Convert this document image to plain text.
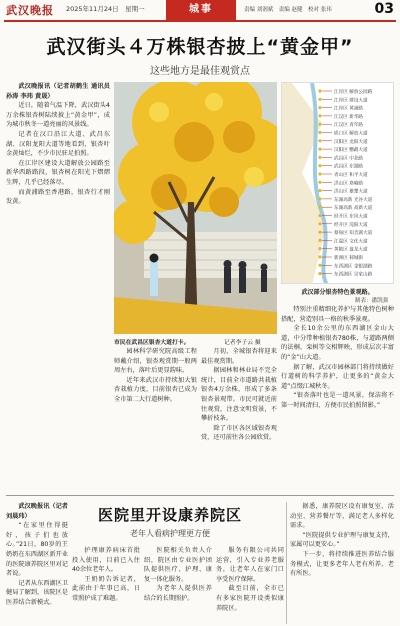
武汉晚报 2025年11月24日　星期一	城事	责编 刘润斌　责编 赵健　校对 张玮	03
武汉街头４万株银杏披上“黄金甲”
这些地方是最佳观赏点

武汉晚报讯（记者胡鹤生 通讯员孙涛 李玮 黄晟）

近日，随着气温下降，武汉街头4万余株银杏树陆续披上“黄金甲”，成为城市秋冬一道亮丽的风景线。

记者在汉口沿江大道、武昌东湖、汉阳龙阳大道等地看到，银杏叶金黄灿烂，不少市民驻足拍照。

在江岸区建设大道解放公园路至新华西路路段，银杏树在阳光下熠熠生辉，几乎已经落尽。

而黄浦路至香港路，银杏行才刚发黄。

市民在武昌区银杏大道打卡。	记者李子云 摄
江岸区 解放公园路
江岸区 建设大道
江岸区 黄浦路
江汉区 新华路
江汉区 青年路
硚口区 解放大道
汉阳区 龙阳大道
汉阳区 鹦鹉大道
武昌区 中北路
武昌区 东湖路
青山区 和平大道
洪山区 珞喻路
洪山区 雄楚大道
东湖高新 光谷大道
东湖高新 高新大道
经开区 东风大道
经开区 沌阳大道
蔡甸区 知音湖大道
江夏区 文化大道
黄陂区 盘龙大道
新洲区 邾城街
东西湖区 金银湖路
东西湖区 吴家山路
武汉部分银杏特色景观路。
制表：潘凯强

特别注重精细化养护与其他特色树种搭配，营造别具一格的秋季景观。

全长10余公里的东西湖区金山大道，中分带种植银杏780株，与道路两侧的法桐、栾树等交相辉映，形成层次丰富的“金”山大道。

据了解，武汉市园林部门将持续做好行道树的科学养护，让更多的“黄金大道”点缀江城秋冬。

“银杏落叶也是一道风景，保洁将不第一时间清扫，方便市民拍照留影。”

园林科学研究院高级工程师戴介绍，银杏观赏期一般两周左右，落叶后更显韵味。

近年来武汉市持续加大银杏栽植力度，目前银杏已成为全市第二大行道树种。

月初，全城银杏将迎来最佳观赏期。

据园林和林业局不完全统计，目前全市道路共栽植银杏4万余株，形成了多条银杏景观带。市民可就近前往观赏，注意文明赏景，不攀折枝条。

除了市区各区域银杏观赏，还可前往各公园欣赏。

武汉晚报讯（记者刘晨玮）

“在家里住得挺好，孩子们也放心。”21日，80岁的王奶奶在东西湖区新开业的医院康养院区里对记者说。

记者从东西湖区卫健局了解到，该院区是医养结合新模式。

医院里开设康养院区
老年人看病护理更方便

护理康养病床首批投入使用，目前已入住40余位老年人。

王奶奶告诉记者，此前由于年事已高，日常照护成了难题。

医院相关负责人介绍，院区由专业医护团队提供医疗、护理、康复一体化服务。

为老年人提供医养结合的长期照护。

服务有限公司共同运营，引入专业养老服务，让老年人在家门口享受医疗保障。

截至目前，全市已有多家医院开设类似康养院区。

据悉，康养院区设有康复室、活动室、营养餐厅等，满足老人多样化需求。

“医院提供专业护理与康复支持，家属可以更安心。”

下一步，将持续推进医养结合服务模式，让更多老年人老有所养、老有所医。
